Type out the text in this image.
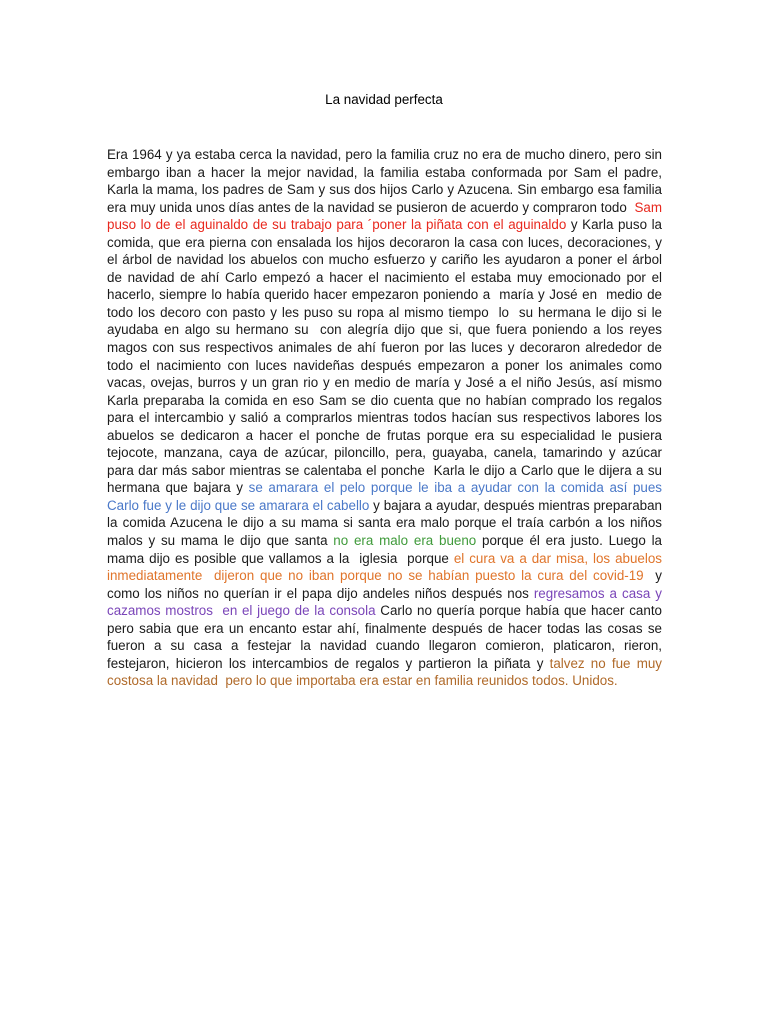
La navidad perfecta

Era 1964 y ya estaba cerca la navidad, pero la familia cruz no era de mucho dinero, pero sin embargo iban a hacer la mejor navidad, la familia estaba conformada por Sam el padre, Karla la mama, los padres de Sam y sus dos hijos Carlo y Azucena. Sin embargo esa familia era muy unida unos días antes de la navidad se pusieron de acuerdo y compraron todo  Sam puso lo de el aguinaldo de su trabajo para ´poner la piñata con el aguinaldo y Karla puso la comida, que era pierna con ensalada los hijos decoraron la casa con luces, decoraciones, y el árbol de navidad los abuelos con mucho esfuerzo y cariño les ayudaron a poner el árbol de navidad de ahí Carlo empezó a hacer el nacimiento el estaba muy emocionado por el hacerlo, siempre lo había querido hacer empezaron poniendo a  maría y José en  medio de todo los decoro con pasto y les puso su ropa al mismo tiempo  lo  su hermana le dijo si le ayudaba en algo su hermano su  con alegría dijo que si, que fuera poniendo a los reyes magos con sus respectivos animales de ahí fueron por las luces y decoraron alrededor de todo el nacimiento con luces navideñas después empezaron a poner los animales como  vacas, ovejas, burros y un gran rio y en medio de maría y José a el niño Jesús, así mismo  Karla preparaba la comida en eso Sam se dio cuenta que no habían comprado los regalos para el intercambio y salió a comprarlos mientras todos hacían sus respectivos labores los abuelos se dedicaron a hacer el ponche de frutas porque era su especialidad le pusiera tejocote, manzana, caya de azúcar, piloncillo, pera, guayaba, canela, tamarindo y azúcar para dar más sabor mientras se calentaba el ponche  Karla le dijo a Carlo que le dijera a su hermana que bajara y se amarara el pelo porque le iba a ayudar con la comida así pues  Carlo fue y le dijo que se amarara el cabello y bajara a ayudar, después mientras preparaban la comida Azucena le dijo a su mama si santa era malo porque el traía carbón a los niños malos y su mama le dijo que santa no era malo era bueno porque él era justo. Luego la mama dijo es posible que vallamos a la  iglesia  porque el cura va a dar misa, los abuelos inmediatamente  dijeron que no iban porque no se habían puesto la cura del covid-19  y como los niños no querían ir el papa dijo andeles niños después nos regresamos a casa y cazamos mostros  en el juego de la consola Carlo no quería porque había que hacer canto pero sabia que era un encanto estar ahí, finalmente después de hacer todas las cosas se fueron a su casa a festejar la navidad cuando llegaron comieron, platicaron, rieron, festejaron, hicieron los intercambios de regalos y partieron la piñata y talvez no fue muy costosa la navidad  pero lo que importaba era estar en familia reunidos todos. Unidos.
